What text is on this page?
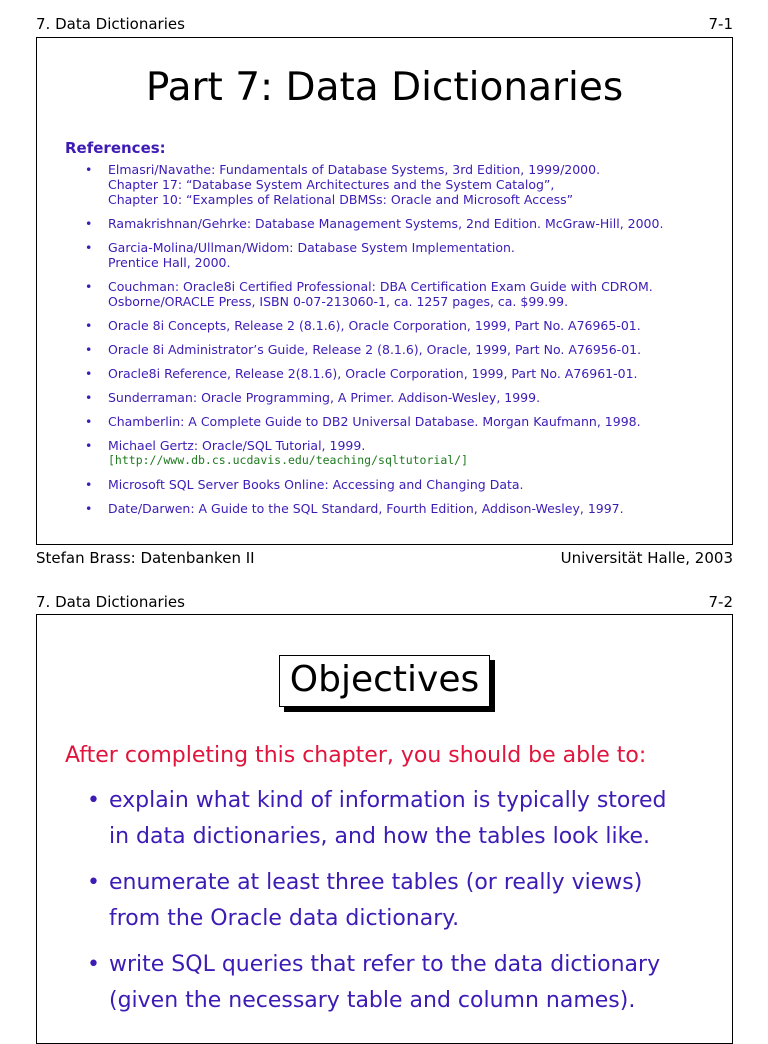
7. Data Dictionaries	7-1
Part 7: Data Dictionaries
References:
• Elmasri/Navathe: Fundamentals of Database Systems, 3rd Edition, 1999/2000.
Chapter 17: “Database System Architectures and the System Catalog”,
Chapter 10: “Examples of Relational DBMSs: Oracle and Microsoft Access”
• Ramakrishnan/Gehrke: Database Management Systems, 2nd Edition. McGraw-Hill, 2000.
• Garcia-Molina/Ullman/Widom: Database System Implementation.
Prentice Hall, 2000.
• Couchman: Oracle8i Certified Professional: DBA Certification Exam Guide with CDROM.
Osborne/ORACLE Press, ISBN 0-07-213060-1, ca. 1257 pages, ca. $99.99.
• Oracle 8i Concepts, Release 2 (8.1.6), Oracle Corporation, 1999, Part No. A76965-01.
• Oracle 8i Administrator’s Guide, Release 2 (8.1.6), Oracle, 1999, Part No. A76956-01.
• Oracle8i Reference, Release 2(8.1.6), Oracle Corporation, 1999, Part No. A76961-01.
• Sunderraman: Oracle Programming, A Primer. Addison-Wesley, 1999.
• Chamberlin: A Complete Guide to DB2 Universal Database. Morgan Kaufmann, 1998.
• Michael Gertz: Oracle/SQL Tutorial, 1999.
[http://www.db.cs.ucdavis.edu/teaching/sqltutorial/]
• Microsoft SQL Server Books Online: Accessing and Changing Data.
• Date/Darwen: A Guide to the SQL Standard, Fourth Edition, Addison-Wesley, 1997.
Stefan Brass: Datenbanken II	Universität Halle, 2003
7. Data Dictionaries	7-2
Objectives
After completing this chapter, you should be able to:
• explain what kind of information is typically stored
in data dictionaries, and how the tables look like.
• enumerate at least three tables (or really views)
from the Oracle data dictionary.
• write SQL queries that refer to the data dictionary
(given the necessary table and column names).
